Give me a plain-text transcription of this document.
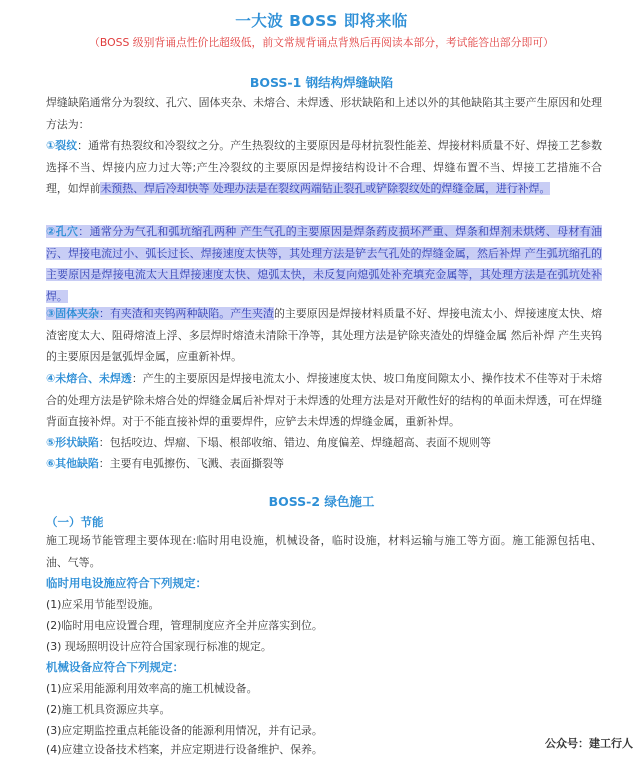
一大波 BOSS 即将来临
（BOSS 级别背诵点性价比超级低，前文常规背诵点背熟后再阅读本部分，考试能答出部分即可）
BOSS-1 钢结构焊缝缺陷

焊缝缺陷通常分为裂纹、孔穴、固体夹杂、未熔合、未焊透、形状缺陷和上述以外的其他缺陷其主要产生原因和处理方法为：

①裂纹：通常有热裂纹和冷裂纹之分。产生热裂纹的主要原因是母材抗裂性能差、焊接材料质量不好、焊接工艺参数选择不当、焊接内应力过大等;产生冷裂纹的主要原因是焊接结构设计不合理、焊缝布置不当、焊接工艺措施不合理，如焊前未预热、焊后冷却快等 处理办法是在裂纹两端钻止裂孔或铲除裂纹处的焊缝金属，进行补焊。

②孔穴：通常分为气孔和弧坑缩孔两种 产生气孔的主要原因是焊条药皮损坏严重、焊条和焊剂未烘烤、母材有油污、焊接电流过小、弧长过长、焊接速度太快等，其处理方法是铲去气孔处的焊缝金属，然后补焊 产生弧坑缩孔的主要原因是焊接电流太大且焊接速度太快、熄弧太快，未反复向熄弧处补充填充金属等，其处理方法是在弧坑处补焊。

③固体夹杂：有夹渣和夹钨两种缺陷。产生夹渣的主要原因是焊接材料质量不好、焊接电流太小、焊接速度太快、熔渣密度太大、阻碍熔渣上浮、多层焊时熔渣未清除干净等，其处理方法是铲除夹渣处的焊缝金属 然后补焊 产生夹钨的主要原因是氩弧焊金属，应重新补焊。

④未熔合、未焊透：产生的主要原因是焊接电流太小、焊接速度太快、坡口角度间隙太小、操作技术不佳等对于未熔合的处理方法是铲除未熔合处的焊缝金属后补焊对于未焊透的处理方法是对开敞性好的结构的单面未焊透，可在焊缝背面直接补焊。对于不能直接补焊的重要焊件，应铲去未焊透的焊缝金属，重新补焊。

⑤形状缺陷：包括咬边、焊瘤、下塌、根部收缩、错边、角度偏差、焊缝超高、表面不规则等

⑥其他缺陷：主要有电弧擦伤、飞溅、表面撕裂等

BOSS-2 绿色施工
（一）节能

施工现场节能管理主要体现在:临时用电设施，机械设备，临时设施，材料运输与施工等方面。施工能源包括电、油、气等。

临时用电设施应符合下列规定：
(1)应采用节能型设施。
(2)临时用电应设置合理，管理制度应齐全并应落实到位。
(3) 现场照明设计应符合国家现行标准的规定。
机械设备应符合下列规定：
(1)应采用能源利用效率高的施工机械设备。
(2)施工机具资源应共享。
(3)应定期监控重点耗能设备的能源利用情况，并有记录。
(4)应建立设备技术档案，并应定期进行设备维护、保养。	公众号：建工行人
